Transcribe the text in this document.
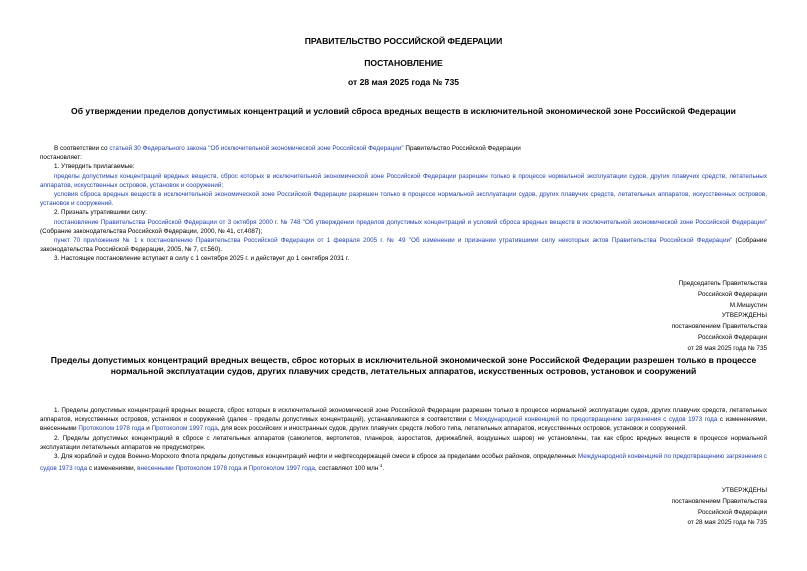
ПРАВИТЕЛЬСТВО РОССИЙСКОЙ ФЕДЕРАЦИИ
ПОСТАНОВЛЕНИЕ
от 28 мая 2025 года № 735
Об утверждении пределов допустимых концентраций и условий сброса вредных веществ в исключительной экономической зоне Российской Федерации

В соответствии со статьей 30 Федерального закона "Об исключительной экономической зоне Российской Федерации" Правительство Российской Федерации

постановляет:

1. Утвердить прилагаемые:

пределы допустимых концентраций вредных веществ, сброс которых в исключительной экономической зоне Российской Федерации разрешен только в процессе нормальной эксплуатации судов, других плавучих средств, летательных аппаратов, искусственных островов, установок и сооружений;

условия сброса вредных веществ в исключительной экономической зоне Российской Федерации разрешен только в процессе нормальной эксплуатации судов, других плавучих средств, летательных аппаратов, искусственных островов, установок и сооружений.

2. Признать утратившими силу:

постановление Правительства Российской Федерации от 3 октября 2000 г. № 748 "Об утверждении пределов допустимых концентраций и условий сброса вредных веществ в исключительной экономической зоне Российской Федерации" (Собрание законодательства Российской Федерации, 2000, № 41, ст.4087);

пункт 70 приложения № 1 к постановлению Правительства Российской Федерации от 1 февраля 2005 г. № 49 "Об изменении и признании утратившими силу некоторых актов Правительства Российской Федерации" (Собрание законодательства Российской Федерации, 2005, № 7, ст.560).

3. Настоящее постановление вступает в силу с 1 сентября 2025 г. и действует до 1 сентября 2031 г.

Председатель Правительства

Российской Федерации

М.Мишустин

УТВЕРЖДЕНЫ

постановлением Правительства

Российской Федерации

от 28 мая 2025 года № 735

Пределы допустимых концентраций вредных веществ, сброс которых в исключительной экономической зоне Российской Федерации разрешен только в процессе нормальной эксплуатации судов, других плавучих средств, летательных аппаратов, искусственных островов, установок и сооружений

1. Пределы допустимых концентраций вредных веществ, сброс которых в исключительной экономической зоне Российской Федерации разрешен только в процессе нормальной эксплуатации судов, других плавучих средств, летательных аппаратов, искусственных островов, установок и сооружений (далее - пределы допустимых концентраций), устанавливаются в соответствии с Международной конвенцией по предотвращению загрязнения с судов 1973 года с изменениями, внесенными Протоколом 1978 года и Протоколом 1997 года, для всех российских и иностранных судов, других плавучих средств любого типа, летательных аппаратов, искусственных островов, установок и сооружений.

2. Пределы допустимых концентраций в сбросе с летательных аппаратов (самолетов, вертолетов, планеров, аэростатов, дирижаблей, воздушных шаров) не установлены, так как сброс вредных веществ в процессе нормальной эксплуатации летательных аппаратов не предусмотрен.

3. Для кораблей и судов Военно-Морского Флота пределы допустимых концентраций нефти и нефтесодержащей смеси в сбросе за пределами особых районов, определенных Международной конвенцией по предотвращению загрязнения с судов 1973 года с изменениями, внесенными Протоколом 1978 года и Протоколом 1997 года, составляют 100 млн$^{-1}$.

УТВЕРЖДЕНЫ

постановлением Правительства

Российской Федерации

от 28 мая 2025 года № 735
